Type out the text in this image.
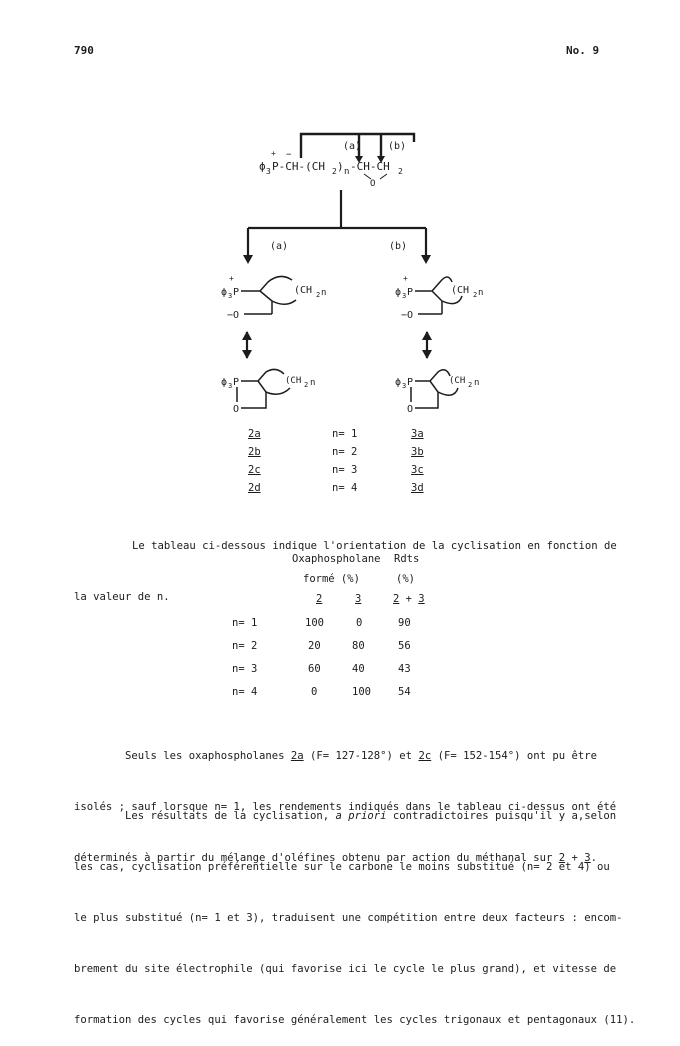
790	No. 9
(a)	(b)
+ −
ϕ 3 P-CH-(CH 2 ) n -CH-CH 2
O
(a)	(b)
+
ϕ 3 P
−O
(CH 2 n
+
ϕ 3 P
−O
(CH 2 n
ϕ 3 P
O
(CH 2 n	ϕ 3 P
O
(CH 2 n
2a	n= 1	3a
2b	n= 2	3b
2c	n= 3	3c
2d	n= 4	3d

Le tableau ci-dessous indique l'orientation de la cyclisation en fonction de

la valeur de n.

Oxaphospholane Rdts
formé (%)	(%)
2	3	2 + 3
n= 1	100	0	90
n= 2	20	80	56
n= 3	60	40	43
n= 4	0	100	54

Seuls les oxaphospholanes 2a (F= 127-128°) et 2c (F= 152-154°) ont pu être

isolés ; sauf lorsque n= 1, les rendements indiqués dans le tableau ci-dessus ont été

déterminés à partir du mélange d'oléfines obtenu par action du méthanal sur 2 + 3.

Les résultats de la cyclisation, a priori contradictoires puisqu'il y a,selon

les cas, cyclisation préférentielle sur le carbone le moins substitué (n= 2 et 4) ou

le plus substitué (n= 1 et 3), traduisent une compétition entre deux facteurs : encom-

brement du site électrophile (qui favorise ici le cycle le plus grand), et vitesse de

formation des cycles qui favorise généralement les cycles trigonaux et pentagonaux (11).
